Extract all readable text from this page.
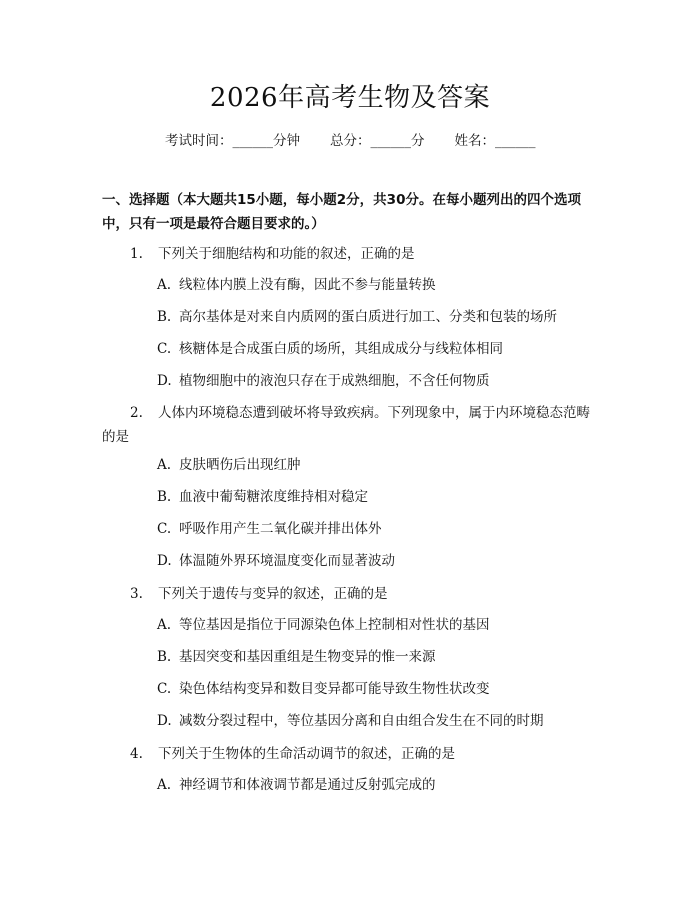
2026年高考生物及答案
考试时间：______分钟 总分：______分 姓名：______
一、选择题（本大题共15小题，每小题2分，共30分。在每小题列出的四个选项中，只有一项是最符合题目要求的。）
1. 下列关于细胞结构和功能的叙述，正确的是
A. 线粒体内膜上没有酶，因此不参与能量转换
B. 高尔基体是对来自内质网的蛋白质进行加工、分类和包装的场所
C. 核糖体是合成蛋白质的场所，其组成成分与线粒体相同
D. 植物细胞中的液泡只存在于成熟细胞，不含任何物质
2. 人体内环境稳态遭到破坏将导致疾病。下列现象中，属于内环境稳态范畴的是
A. 皮肤晒伤后出现红肿
B. 血液中葡萄糖浓度维持相对稳定
C. 呼吸作用产生二氧化碳并排出体外
D. 体温随外界环境温度变化而显著波动
3. 下列关于遗传与变异的叙述，正确的是
A. 等位基因是指位于同源染色体上控制相对性状的基因
B. 基因突变和基因重组是生物变异的惟一来源
C. 染色体结构变异和数目变异都可能导致生物性状改变
D. 减数分裂过程中，等位基因分离和自由组合发生在不同的时期
4. 下列关于生物体的生命活动调节的叙述，正确的是
A. 神经调节和体液调节都是通过反射弧完成的
